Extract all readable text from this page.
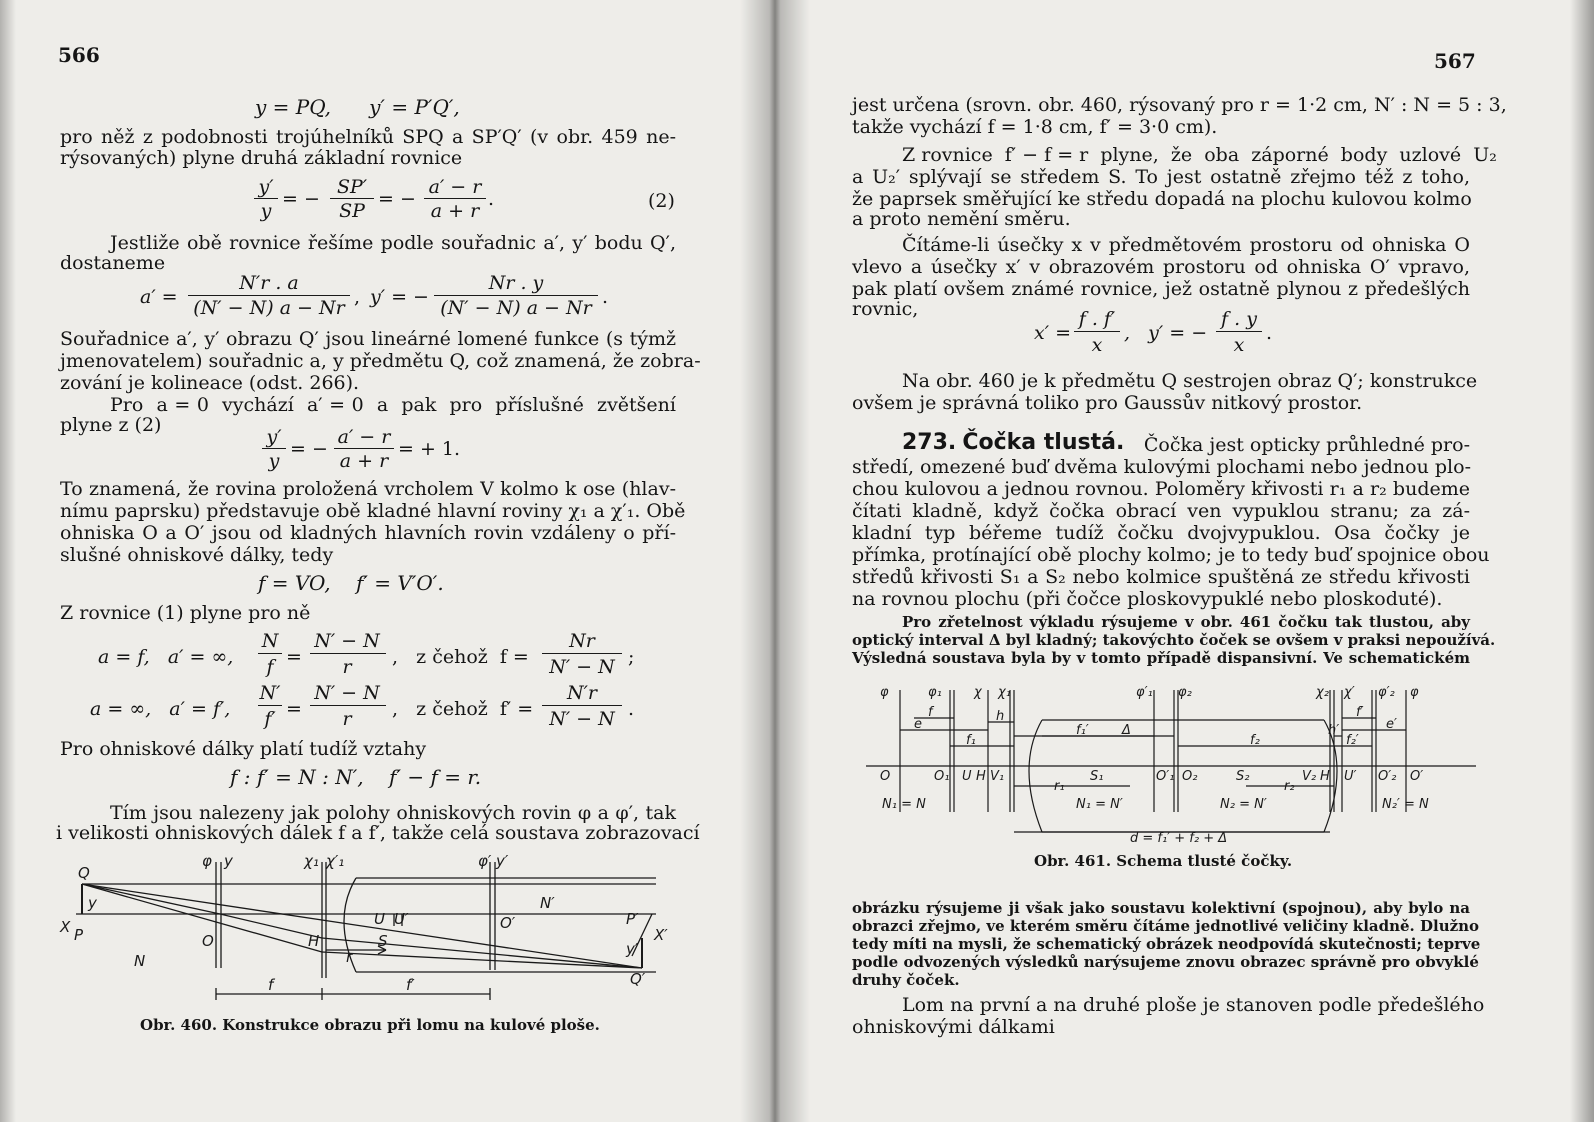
566
y = PQ,      y′ = P′Q′,
pro něž z podobnosti trojúhelníků SPQ a SP′Q′ (v obr. 459 ne-
rýsovaných) plyne druhá základní rovnice
y′
y
= −
SP′
SP
= −
a′ − r
a + r
.	(2)
Jestliže obě rovnice řešíme podle souřadnic a′, y′ bodu Q′,
dostaneme
a′ =
N′r . a
(N′ − N) a − Nr , y′ = −
Nr . y
(N′ − N) a − Nr .
Souřadnice a′, y′ obrazu Q′ jsou lineárné lomené funkce (s týmž
jmenovatelem) souřadnic a, y předmětu Q, což znamená, že zobra-
zování je kolineace (odst. 266).
Pro  a = 0  vychází  a′ = 0  a  pak  pro  příslušné  zvětšení
plyne z (2)
y′
y
= −
a′ − r
a + r
= + 1.
To znamená, že rovina proložená vrcholem V kolmo k ose (hlav-
nímu paprsku) představuje obě kladné hlavní roviny χ₁ a χ′₁. Obě
ohniska O a O′ jsou od kladných hlavních rovin vzdáleny o pří-
slušné ohniskové dálky, tedy
f = VO,    f′ = V′O′.
Z rovnice (1) plyne pro ně
a = f,   a′ = ∞,
N
f =
N′ − N
r	,   z čehož  f =
Nr
N′ − N ;
a = ∞,   a′ = f′,
N′
f′ =
N′ − N
r	,   z čehož  f′ =
N′r
N′ − N .
Pro ohniskové dálky platí tudíž vztahy
f : f′ = N : N′,    f′ − f = r.
Tím jsou nalezeny jak polohy ohniskových rovin φ a φ′, tak
i velikosti ohniskových dálek f a f′, takže celá soustava zobrazovací
Q
X P
y
N
O
φ y	χ₁ χ′₁
H
r
S
U U′	O′
φ′ y′
N′
P′
X′
y′
Q′
f	f′
Obr. 460. Konstrukce obrazu při lomu na kulové ploše.
567
jest určena (srovn. obr. 460, rýsovaný pro r = 1·2 cm, N′ : N = 5 : 3,
takže vychází f = 1·8 cm, f′ = 3·0 cm).
Z rovnice  f′ − f = r  plyne,  že  oba  záporné  body  uzlové  U₂
a U₂′ splývají se středem S. To jest ostatně zřejmo též z toho,
že paprsek směřující ke středu dopadá na plochu kulovou kolmo
a proto nemění směru.
Čítáme-li úsečky x v předmětovém prostoru od ohniska O
vlevo a úsečky x′ v obrazovém prostoru od ohniska O′ vpravo,
pak platí ovšem známé rovnice, jež ostatně plynou z předešlých
rovnic,
x′ =
f . f′
x
,   y′ = −
f . y
x
.
Na obr. 460 je k předmětu Q sestrojen obraz Q′; konstrukce
ovšem je správná toliko pro Gaussův nitkový prostor.
273. Čočka tlustá. Čočka jest opticky průhledné pro-
středí, omezené buď dvěma kulovými plochami nebo jednou plo-
chou kulovou a jednou rovnou. Poloměry křivosti r₁ a r₂ budeme
čítati kladně, když čočka obrací ven vypuklou stranu; za zá-
kladní typ béřeme tudíž čočku dvojvypuklou. Osa čočky je
přímka, protínající obě plochy kolmo; je to tedy buď spojnice obou
středů křivosti S₁ a S₂ nebo kolmice spuštěná ze středu křivosti
na rovnou plochu (při čočce ploskovypuklé nebo ploskoduté).
Pro zřetelnost výkladu rýsujeme v obr. 461 čočku tak tlustou, aby
optický interval Δ byl kladný; takovýchto čoček se ovšem v praksi nepoužívá.
Výsledná soustava byla by v tomto případě dispansivní. Ve schematickém
φ	φ₁ χ χ₁	φ′₁ φ₂	χ₂ χ′ φ′₂ φ
O	O₁ U H V₁	S₁	O′₁ O₂	S₂	V₂ H U′ O′₂ O′
f
e
h
f₁
f₁′	Δ
f₂	f₂′
f′
e′
h′
r₁	r₂
d = f₁′ + f₂ + Δ
N₁ = N	N₁ = N′	N₂ = N′	N₂′ = N
Obr. 461. Schema tlusté čočky.
obrázku rýsujeme ji však jako soustavu kolektivní (spojnou), aby bylo na
obrazci zřejmo, ve kterém směru čítáme jednotlivé veličiny kladně. Dlužno
tedy míti na mysli, že schematický obrázek neodpovídá skutečnosti; teprve
podle odvozených výsledků narýsujeme znovu obrazec správně pro obvyklé
druhy čoček.
Lom na první a na druhé ploše je stanoven podle předešlého
ohniskovými dálkami
